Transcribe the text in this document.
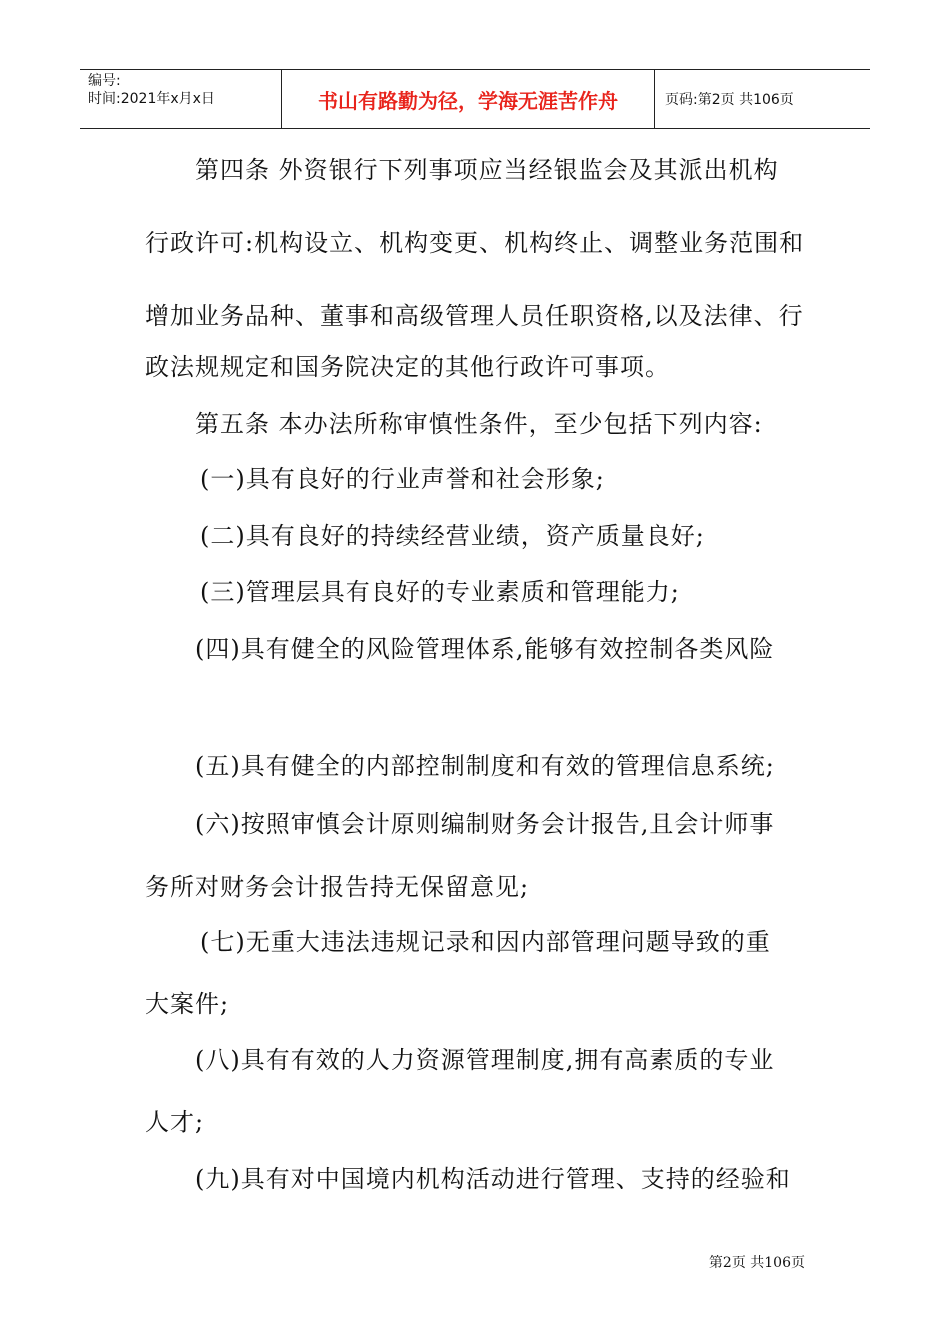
编号:
时间:2021年x月x日	书山有路勤为径，学海无涯苦作舟	页码:第2页 共106页
第四条 外资银行下列事项应当经银监会及其派出机构
行政许可:机构设立、机构变更、机构终止、调整业务范围和
增加业务品种、董事和高级管理人员任职资格,以及法律、行
政法规规定和国务院决定的其他行政许可事项。
第五条 本办法所称审慎性条件，至少包括下列内容:
(一)具有良好的行业声誉和社会形象;
(二)具有良好的持续经营业绩，资产质量良好;
(三)管理层具有良好的专业素质和管理能力;
(四)具有健全的风险管理体系,能够有效控制各类风险
(五)具有健全的内部控制制度和有效的管理信息系统;
(六)按照审慎会计原则编制财务会计报告,且会计师事
务所对财务会计报告持无保留意见;
(七)无重大违法违规记录和因内部管理问题导致的重
大案件;
(八)具有有效的人力资源管理制度,拥有高素质的专业
人才;
(九)具有对中国境内机构活动进行管理、支持的经验和
第2页 共106页
